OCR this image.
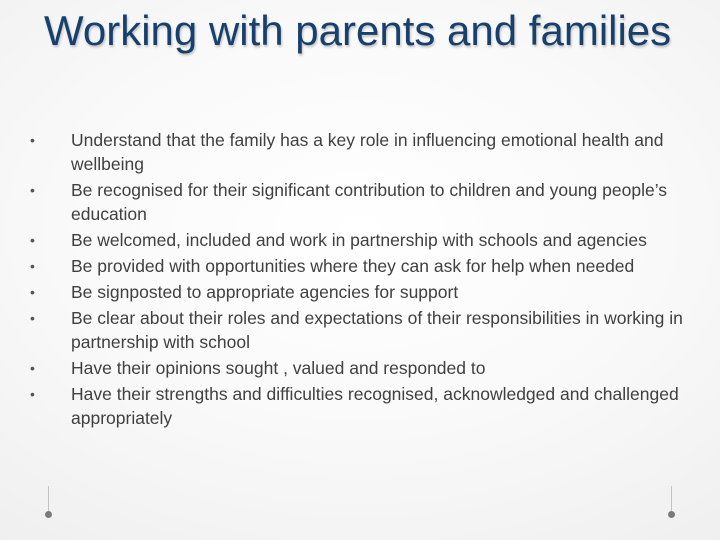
Working with parents and families
•	Understand that the family has a key role in influencing emotional health and wellbeing
•	Be recognised for their significant contribution to children and young people’s education
•	Be welcomed, included and work in partnership with schools and agencies
•	Be provided with opportunities where they can ask for help when needed
•	Be signposted to appropriate agencies for support
•	Be clear about their roles and expectations of their responsibilities in working in partnership with school
•	Have their opinions sought , valued and responded to
•	Have their strengths and difficulties recognised, acknowledged and challenged appropriately
